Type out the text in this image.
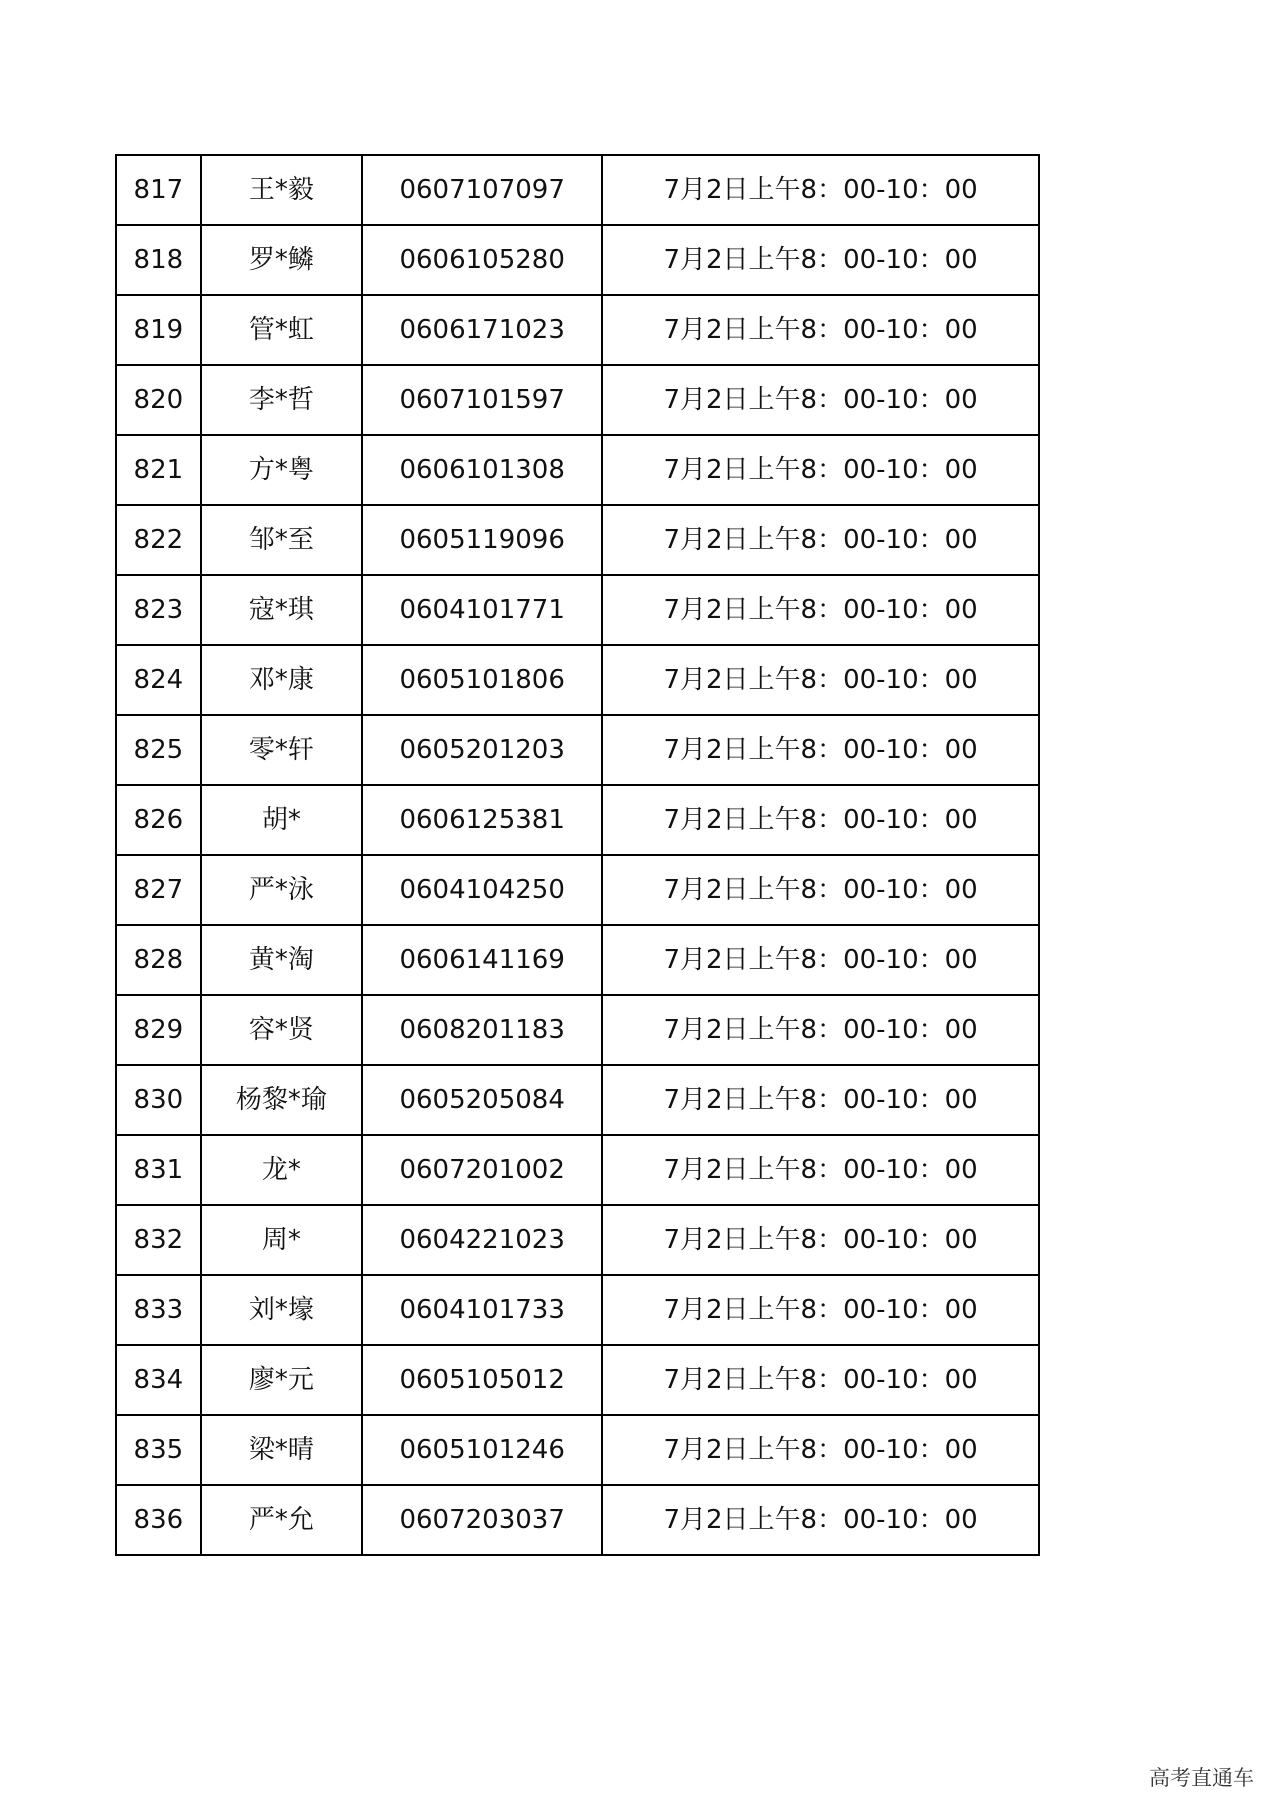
817	王*毅	0607107097	7月2日上午8：00-10：00
818	罗*鳞	0606105280	7月2日上午8：00-10：00
819	管*虹	0606171023	7月2日上午8：00-10：00
820	李*哲	0607101597	7月2日上午8：00-10：00
821	方*粤	0606101308	7月2日上午8：00-10：00
822	邹*至	0605119096	7月2日上午8：00-10：00
823	寇*琪	0604101771	7月2日上午8：00-10：00
824	邓*康	0605101806	7月2日上午8：00-10：00
825	零*轩	0605201203	7月2日上午8：00-10：00
826	胡*	0606125381	7月2日上午8：00-10：00
827	严*泳	0604104250	7月2日上午8：00-10：00
828	黄*淘	0606141169	7月2日上午8：00-10：00
829	容*贤	0608201183	7月2日上午8：00-10：00
830	杨黎*瑜	0605205084	7月2日上午8：00-10：00
831	龙*	0607201002	7月2日上午8：00-10：00
832	周*	0604221023	7月2日上午8：00-10：00
833	刘*壕	0604101733	7月2日上午8：00-10：00
834	廖*元	0605105012	7月2日上午8：00-10：00
835	梁*晴	0605101246	7月2日上午8：00-10：00
836	严*允	0607203037	7月2日上午8：00-10：00
高考直通车
